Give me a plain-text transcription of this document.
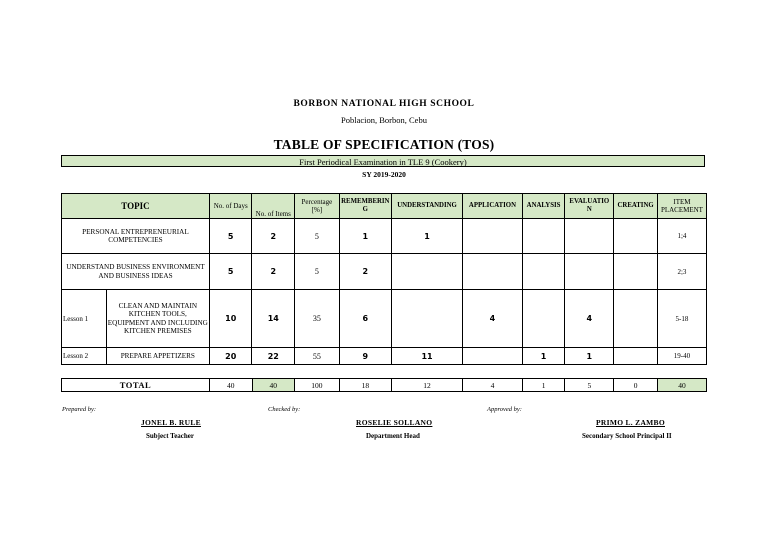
BORBON NATIONAL HIGH SCHOOL
Poblacion, Borbon, Cebu
TABLE OF SPECIFICATION (TOS)
First Periodical Examination in TLE 9 (Cookery)
SY 2019-2020
TOPIC		No. of Days	No. of Items	Percentage [%]	REMEMBERIN G	UNDERSTANDING	APPLICATION	ANALYSIS	EVALUATIO N	CREATING	ITEM PLACEMENT
PERSONAL ENTREPRENEURIAL COMPETENCIES		5	2	5	1	1					1;4
UNDERSTAND BUSINESS ENVIRONMENT AND BUSINESS IDEAS		5	2	5	2						2;3
Lesson 1	CLEAN AND MAINTAIN KITCHEN TOOLS, EQUIPMENT AND INCLUDING KITCHEN PREMISES	10	14	35	6		4		4		5-18
Lesson 2	PREPARE APPETIZERS	20	22	55	9	11		1	1		19-40
TOTAL	40	40	100	18	12	4	1	5	0	40
Prepared by:
JONEL B. RULE
Subject Teacher
Checked by:
ROSELIE SOLLANO
Department Head
Approved by:
PRIMO L. ZAMBO
Secondary School Principal II
